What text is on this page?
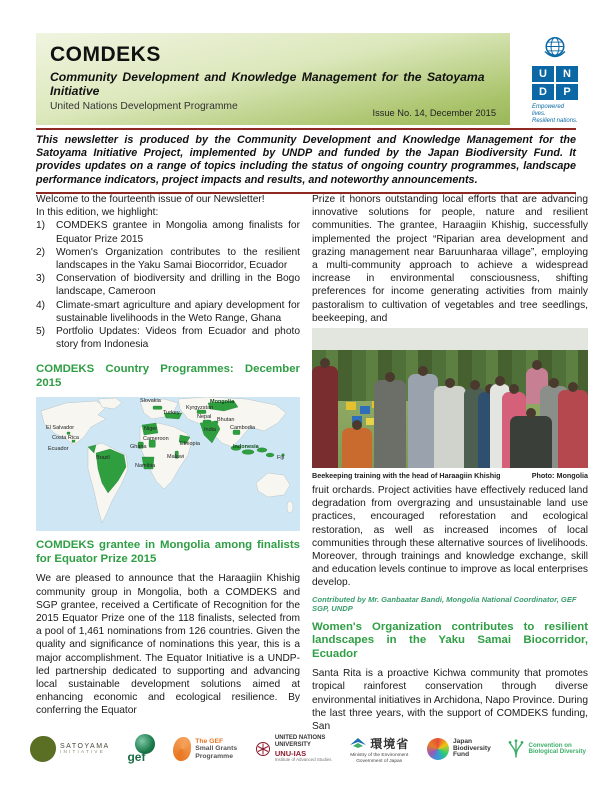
COMDEKS
Community Development and Knowledge Management for the Satoyama Initiative
United Nations Development Programme
Issue No. 14, December 2015
U	N
D	P
Empowered lives.
Resilient nations.

This newsletter is produced by the Community Development and Knowledge Management for the Satoyama Initiative Project, implemented by UNDP and funded by the Japan Biodiversity Fund. It provides updates on a range of topics including the status of ongoing country programmes, landscape performance indicators, project impacts and results, and noteworthy announcements.

Welcome to the fourteenth issue of our Newsletter!
In this edition, we highlight:
1)	COMDEKS grantee in Mongolia among finalists for Equator Prize 2015
2)	Women's Organization contributes to the resilient landscapes in the Yaku Samai Biocorridor, Ecuador
3)	Conservation of biodiversity and drilling in the Bogo landscape, Cameroon
4)	Climate-smart agriculture and apiary development for sustainable livelihoods in the Weto Range, Ghana
5)	Portfolio Updates: Videos from Ecuador and photo story from Indonesia
COMDEKS Country Programmes: December 2015
El Salvador
Costa Rica
Ecuador
Brazil
Slovakia
Turkey
Kyrgyzstan
Mongolia
Nepal Bhutan
India	Cambodia
Niger
Ghana
Cameroon
Ethiopia
Malawi
Namibia
Indonesia
Fiji
COMDEKS grantee in Mongolia among finalists for Equator Prize 2015

We are pleased to announce that the Haraagiin Khishig community group in Mongolia, both a COMDEKS and SGP grantee, received a Certificate of Recognition for the 2015 Equator Prize one of the 118 finalists, selected from a pool of 1,461 nominations from 126 countries. Given the quality and significance of nominations this year, this is a major accomplishment. The Equator Initiative is a UNDP-led partnership dedicated to supporting and advancing local sustainable development solutions aimed at enhancing economic and ecological resilience. By conferring the Equator

Prize it honors outstanding local efforts that are advancing innovative solutions for people, nature and resilient communities. The grantee, Haraagiin Khishig, successfully implemented the project “Riparian area development and grazing management near Baruunharaa village”, employing a multi-community approach to achieve a widespread increase in environmental consciousness, shifting preferences for income generating activities from mainly pastoralism to cultivation of vegetables and tree seedlings, beekeeping, and

Beekeeping training with the head of Haraagiin Khishig	Photo: Mongolia

fruit orchards. Project activities have effectively reduced land degradation from overgrazing and unsustainable land use practices, encouraged reforestation and ecological restoration, as well as increased incomes of local communities through these alternative sources of livelihoods. Moreover, through trainings and knowledge exchange, skill and education levels continue to improve as local enterprises develop.

Contributed by Mr. Ganbaatar Bandi, Mongolia National Coordinator, GEF SGP, UNDP
Women's Organization contributes to resilient landscapes in the Yaku Samai Biocorridor, Ecuador

Santa Rita is a proactive Kichwa community that promotes tropical rainforest conservation through diverse environmental initiatives in Archidona, Napo Province. During the last three years, with the support of COMDEKS funding, San

SATOYAMA
INITIATIVE	gef
The GEF
Small Grants
Programme
UNITED NATIONS
UNIVERSITY
UNU-IAS
Institute of Advanced Studies
環境省
Ministry of the Environment
Government of Japan
Japan
Biodiversity
Fund
Convention on
Biological Diversity
